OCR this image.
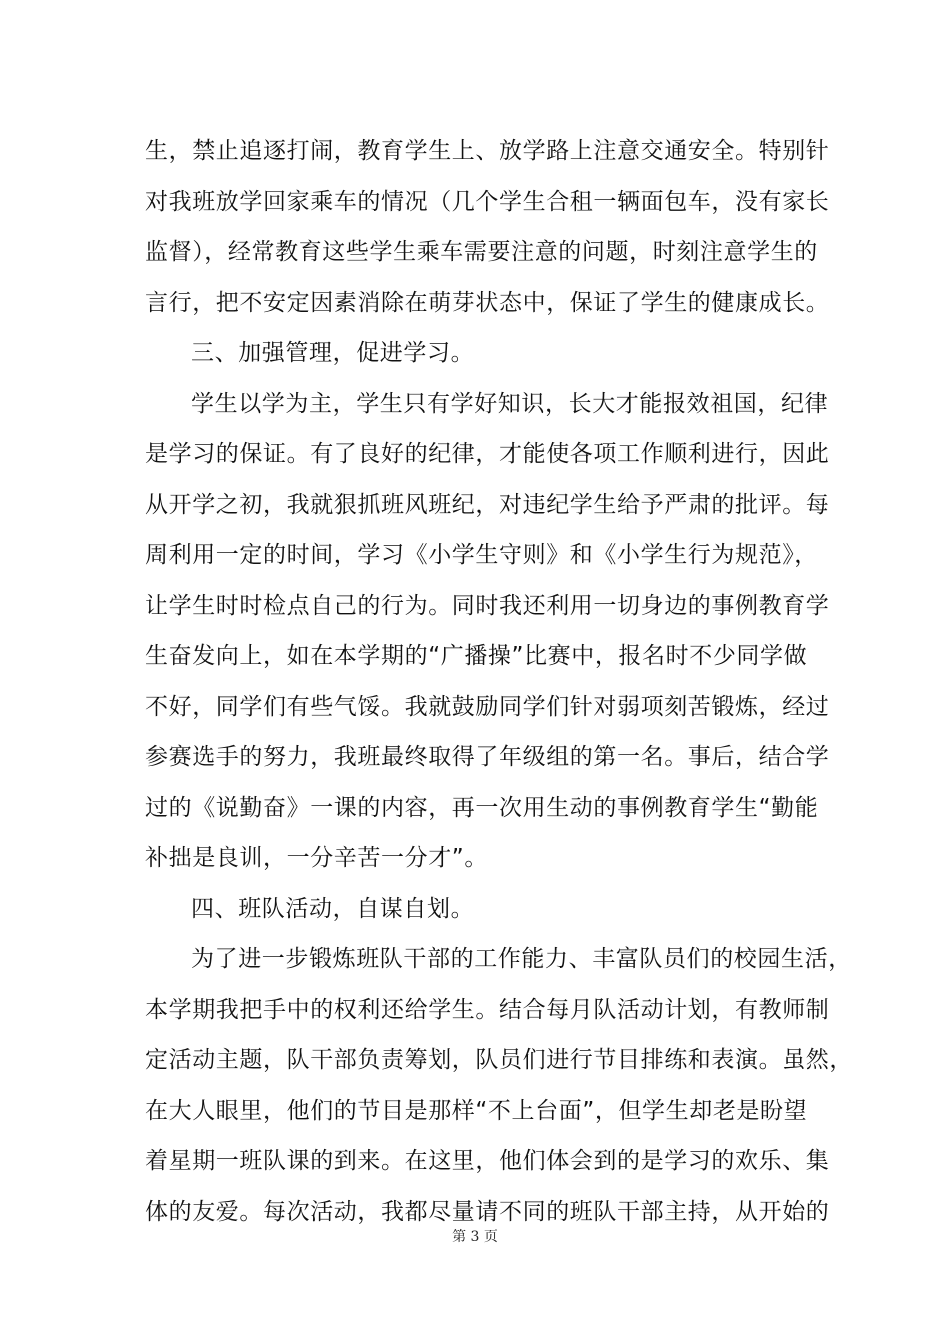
生，禁止追逐打闹，教育学生上、放学路上注意交通安全。特别针
对我班放学回家乘车的情况（几个学生合租一辆面包车，没有家长
监督），经常教育这些学生乘车需要注意的问题，时刻注意学生的
言行，把不安定因素消除在萌芽状态中，保证了学生的健康成长。
三、加强管理，促进学习。
学生以学为主，学生只有学好知识，长大才能报效祖国，纪律
是学习的保证。有了良好的纪律，才能使各项工作顺利进行，因此
从开学之初，我就狠抓班风班纪，对违纪学生给予严肃的批评。每
周利用一定的时间，学习《小学生守则》和《小学生行为规范》，
让学生时时检点自己的行为。同时我还利用一切身边的事例教育学
生奋发向上，如在本学期的“广播操”比赛中，报名时不少同学做
不好，同学们有些气馁。我就鼓励同学们针对弱项刻苦锻炼，经过
参赛选手的努力，我班最终取得了年级组的第一名。事后，结合学
过的《说勤奋》一课的内容，再一次用生动的事例教育学生“勤能
补拙是良训，一分辛苦一分才”。
四、班队活动，自谋自划。
为了进一步锻炼班队干部的工作能力、丰富队员们的校园生活，
本学期我把手中的权利还给学生。结合每月队活动计划，有教师制
定活动主题，队干部负责筹划，队员们进行节目排练和表演。虽然，
在大人眼里，他们的节目是那样“不上台面”，但学生却老是盼望
着星期一班队课的到来。在这里，他们体会到的是学习的欢乐、集
体的友爱。每次活动，我都尽量请不同的班队干部主持，从开始的
第 3 页
